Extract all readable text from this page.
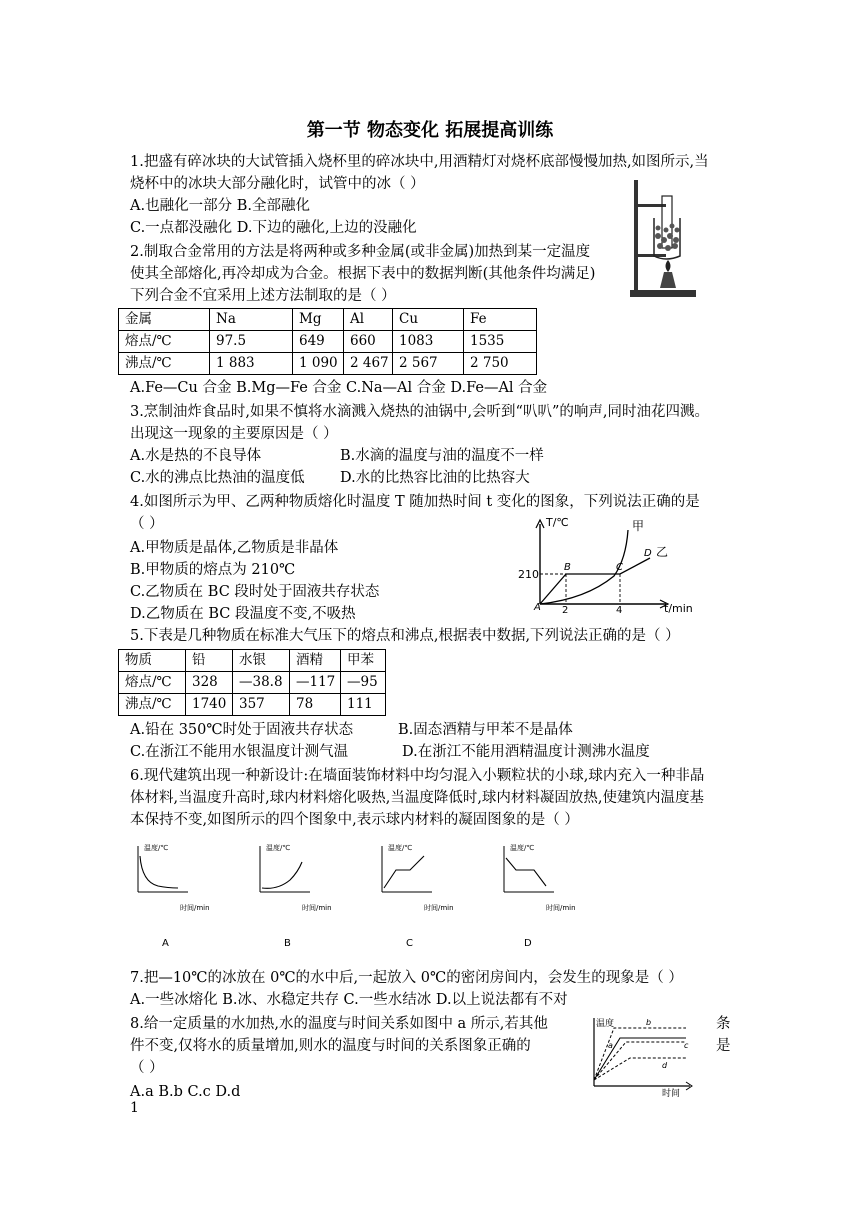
第一节 物态变化 拓展提高训练
1.把盛有碎冰块的大试管插入烧杯里的碎冰块中,用酒精灯对烧杯底部慢慢加热,如图所示,当
烧杯中的冰块大部分融化时，试管中的冰（ ）
A.也融化一部分 B.全部融化
C.一点都没融化 D.下边的融化,上边的没融化
2.制取合金常用的方法是将两种或多种金属(或非金属)加热到某一定温度
使其全部熔化,再冷却成为合金。根据下表中的数据判断(其他条件均满足)
下列合金不宜采用上述方法制取的是（ ）
金属	Na	Mg	Al	Cu	Fe
熔点/℃	97.5	649	660	1083	1535
沸点/℃	1 883	1 090	2 467	2 567	2 750
A.Fe—Cu 合金 B.Mg—Fe 合金 C.Na—Al 合金 D.Fe—Al 合金
3.烹制油炸食品时,如果不慎将水滴溅入烧热的油锅中,会听到“叭叭”的响声,同时油花四溅。
出现这一现象的主要原因是（ ）
A.水是热的不良导体	B.水滴的温度与油的温度不一样
C.水的沸点比热油的温度低 D.水的比热容比油的比热容大
4.如图所示为甲、乙两种物质熔化时温度 T 随加热时间 t 变化的图象，下列说法正确的是
（ ）
A.甲物质是晶体,乙物质是非晶体
B.甲物质的熔点为 210℃
C.乙物质在 BC 段时处于固液共存状态
D.乙物质在 BC 段温度不变,不吸热
T/℃
t/min
210
2	4
A
B	C
D
甲
乙
5.下表是几种物质在标准大气压下的熔点和沸点,根据表中数据,下列说法正确的是（ ）
物质	铅	水银	酒精	甲苯
熔点/℃	328	—38.8	—117	—95
沸点/℃	1740	357	78	111
A.铅在 350℃时处于固液共存状态	B.固态酒精与甲苯不是晶体
C.在浙江不能用水银温度计测气温	D.在浙江不能用酒精温度计测沸水温度
6.现代建筑出现一种新设计:在墙面装饰材料中均匀混入小颗粒状的小球,球内充入一种非晶
体材料,当温度升高时,球内材料熔化吸热,当温度降低时,球内材料凝固放热,使建筑内温度基
本保持不变,如图所示的四个图象中,表示球内材料的凝固图象的是（ ）
温度/℃
时间/min
A
温度/℃
时间/min
B
温度/℃
时间/min
C
温度/℃
时间/min
D
7.把—10℃的冰放在 0℃的水中后,一起放入 0℃的密闭房间内，会发生的现象是（ ）
A.一些冰熔化 B.冰、水稳定共存 C.一些水结冰 D.以上说法都有不对
8.给一定质量的水加热,水的温度与时间关系如图中 a 所示,若其他	条
件不变,仅将水的质量增加,则水的温度与时间的关系图象正确的	是
（ ）
A.a B.b C.c D.d
温度
时间
a
b
c
d
1
